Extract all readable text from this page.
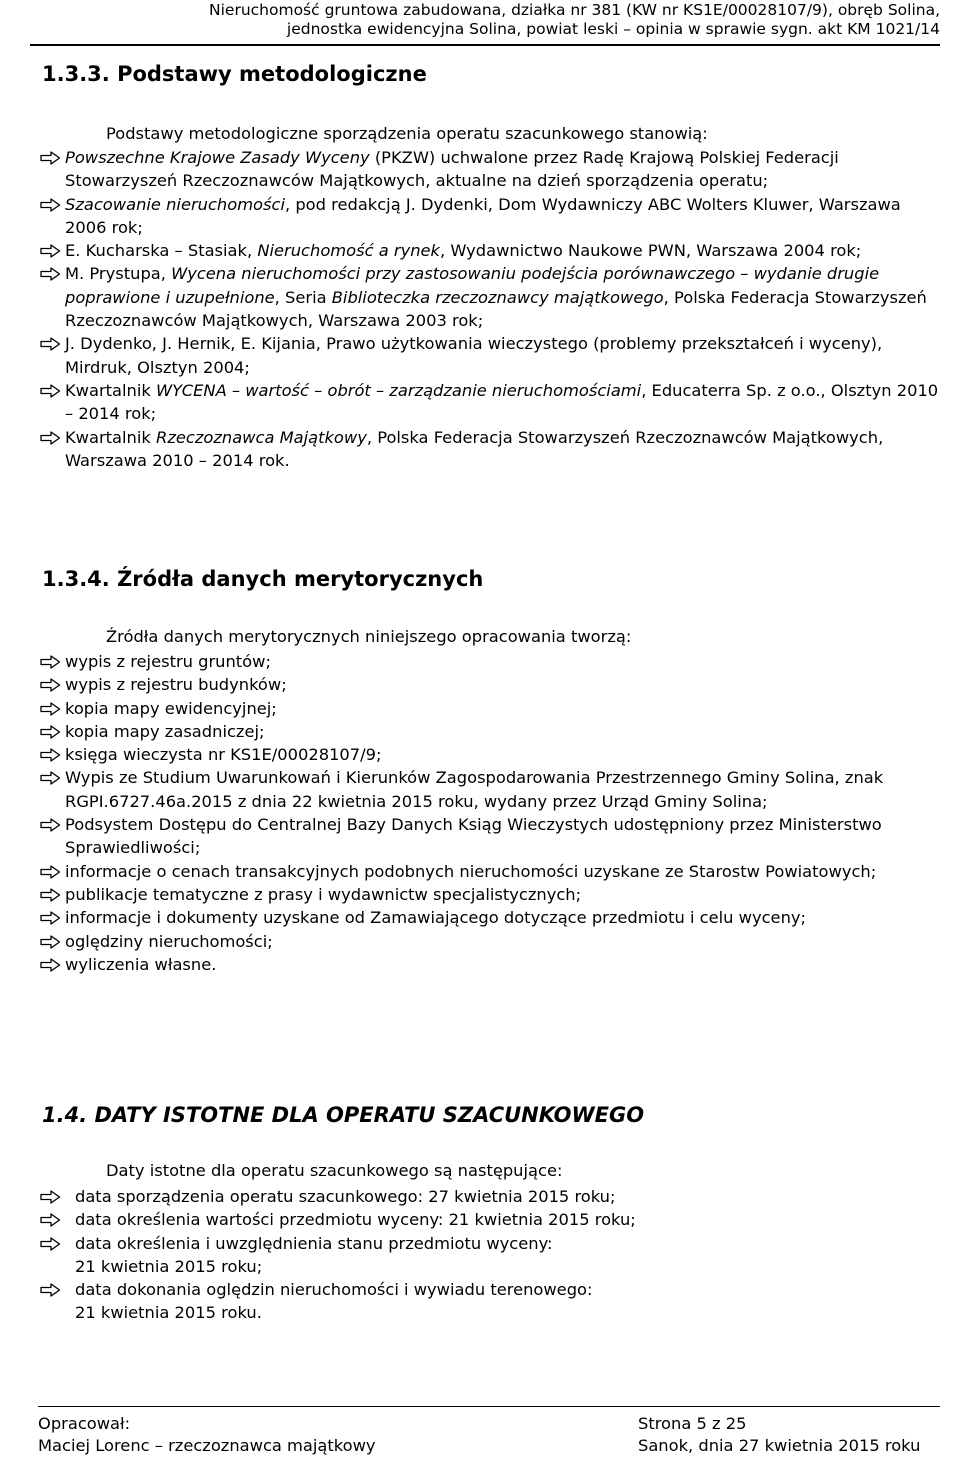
Nieruchomość gruntowa zabudowana, działka nr 381 (KW nr KS1E/00028107/9), obręb Solina,
jednostka ewidencyjna Solina, powiat leski – opinia w sprawie sygn. akt KM 1021/14
1.3.3. Podstawy metodologiczne
Podstawy metodologiczne sporządzenia operatu szacunkowego stanowią:
Powszechne Krajowe Zasady Wyceny (PKZW) uchwalone przez Radę Krajową Polskiej Federacji Stowarzyszeń Rzeczoznawców Majątkowych, aktualne na dzień sporządzenia operatu;
Szacowanie nieruchomości, pod redakcją J. Dydenki, Dom Wydawniczy ABC Wolters Kluwer, Warszawa 2006 rok;
E. Kucharska – Stasiak, Nieruchomość a rynek, Wydawnictwo Naukowe PWN, Warszawa 2004 rok;
M. Prystupa, Wycena nieruchomości przy zastosowaniu podejścia porównawczego – wydanie drugie poprawione i uzupełnione, Seria Biblioteczka rzeczoznawcy majątkowego, Polska Federacja Stowarzyszeń Rzeczoznawców Majątkowych, Warszawa 2003 rok;
J. Dydenko, J. Hernik, E. Kijania, Prawo użytkowania wieczystego (problemy przekształceń i wyceny), Mirdruk, Olsztyn 2004;
Kwartalnik WYCENA – wartość – obrót – zarządzanie nieruchomościami, Educaterra Sp. z o.o., Olsztyn 2010 – 2014 rok;
Kwartalnik Rzeczoznawca Majątkowy, Polska Federacja Stowarzyszeń Rzeczoznawców Majątkowych, Warszawa 2010 – 2014 rok.
1.3.4. Źródła danych merytorycznych
Źródła danych merytorycznych niniejszego opracowania tworzą:
wypis z rejestru gruntów;
wypis z rejestru budynków;
kopia mapy ewidencyjnej;
kopia mapy zasadniczej;
księga wieczysta nr KS1E/00028107/9;
Wypis ze Studium Uwarunkowań i Kierunków Zagospodarowania Przestrzennego Gminy Solina, znak RGPI.6727.46a.2015 z dnia 22 kwietnia 2015 roku, wydany przez Urząd Gminy Solina;
Podsystem Dostępu do Centralnej Bazy Danych Ksiąg Wieczystych udostępniony przez Ministerstwo Sprawiedliwości;
informacje o cenach transakcyjnych podobnych nieruchomości uzyskane ze Starostw Powiatowych;
publikacje tematyczne z prasy i wydawnictw specjalistycznych;
informacje i dokumenty uzyskane od Zamawiającego dotyczące przedmiotu i celu wyceny;
oględziny nieruchomości;
wyliczenia własne.
1.4. DATY ISTOTNE DLA OPERATU SZACUNKOWEGO
Daty istotne dla operatu szacunkowego są następujące:
data sporządzenia operatu szacunkowego: 27 kwietnia 2015 roku;
data określenia wartości przedmiotu wyceny: 21 kwietnia 2015 roku;
data określenia i uwzględnienia stanu przedmiotu wyceny:
21 kwietnia 2015 roku;
data dokonania oględzin nieruchomości i wywiadu terenowego:
21 kwietnia 2015 roku.
Opracował:	Strona 5 z 25
Maciej Lorenc – rzeczoznawca majątkowy	Sanok, dnia 27 kwietnia 2015 roku
